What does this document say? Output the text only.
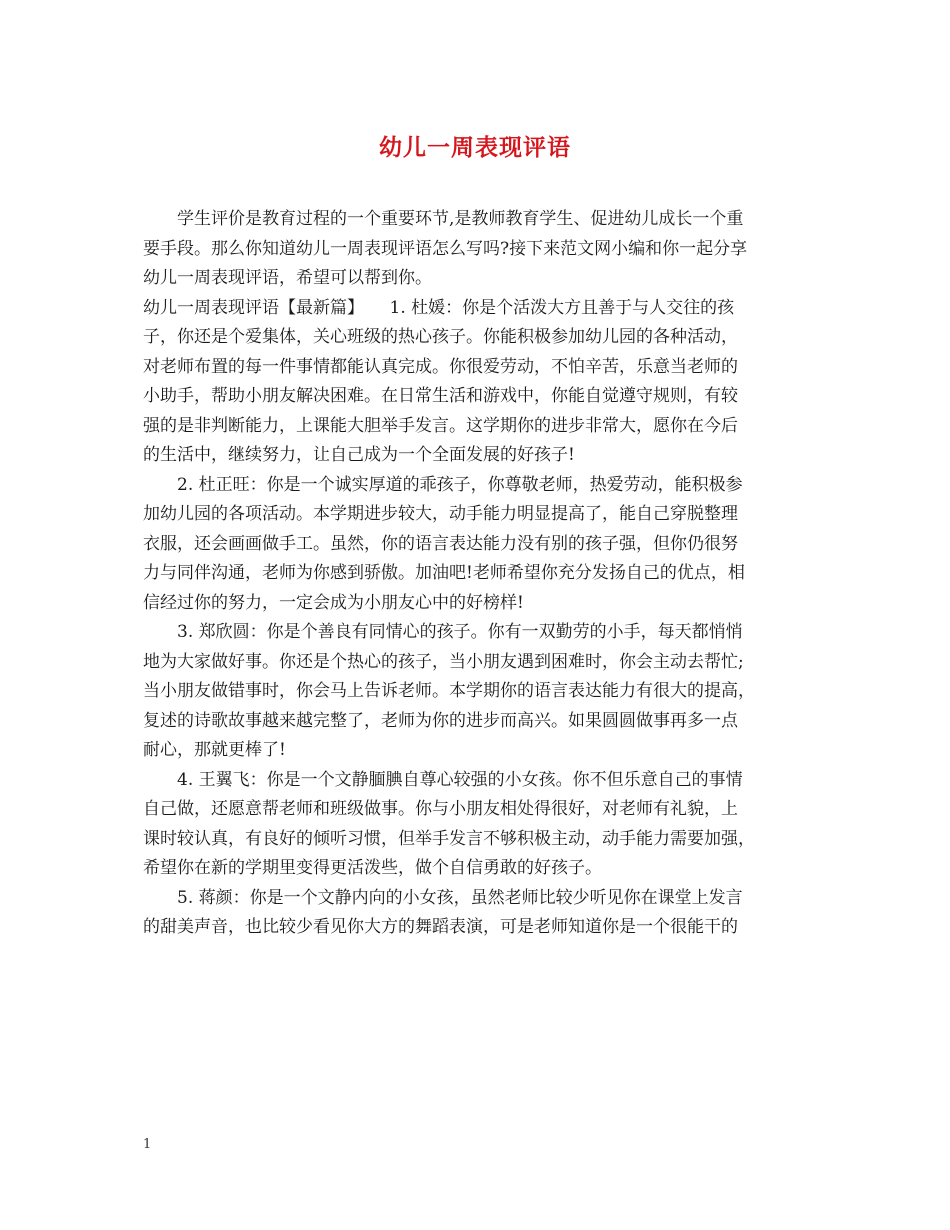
幼儿一周表现评语
学生评价是教育过程的一个重要环节,是教师教育学生、促进幼儿成长一个重
要手段。那么你知道幼儿一周表现评语怎么写吗?接下来范文网小编和你一起分享
幼儿一周表现评语，希望可以帮到你。
幼儿一周表现评语【最新篇】　　1. 杜媛：你是个活泼大方且善于与人交往的孩
子，你还是个爱集体，关心班级的热心孩子。你能积极参加幼儿园的各种活动，
对老师布置的每一件事情都能认真完成。你很爱劳动，不怕辛苦，乐意当老师的
小助手，帮助小朋友解决困难。在日常生活和游戏中，你能自觉遵守规则，有较
强的是非判断能力，上课能大胆举手发言。这学期你的进步非常大，愿你在今后
的生活中，继续努力，让自己成为一个全面发展的好孩子!
2. 杜正旺：你是一个诚实厚道的乖孩子，你尊敬老师，热爱劳动，能积极参
加幼儿园的各项活动。本学期进步较大，动手能力明显提高了，能自己穿脱整理
衣服，还会画画做手工。虽然，你的语言表达能力没有别的孩子强，但你仍很努
力与同伴沟通，老师为你感到骄傲。加油吧!老师希望你充分发扬自己的优点，相
信经过你的努力，一定会成为小朋友心中的好榜样!
3. 郑欣圆：你是个善良有同情心的孩子。你有一双勤劳的小手，每天都悄悄
地为大家做好事。你还是个热心的孩子，当小朋友遇到困难时，你会主动去帮忙;
当小朋友做错事时，你会马上告诉老师。本学期你的语言表达能力有很大的提高，
复述的诗歌故事越来越完整了，老师为你的进步而高兴。如果圆圆做事再多一点
耐心，那就更棒了!
4. 王翼飞：你是一个文静腼腆自尊心较强的小女孩。你不但乐意自己的事情
自己做，还愿意帮老师和班级做事。你与小朋友相处得很好，对老师有礼貌，上
课时较认真，有良好的倾听习惯，但举手发言不够积极主动，动手能力需要加强，
希望你在新的学期里变得更活泼些，做个自信勇敢的好孩子。
5. 蒋颜：你是一个文静内向的小女孩，虽然老师比较少听见你在课堂上发言
的甜美声音，也比较少看见你大方的舞蹈表演，可是老师知道你是一个很能干的
1
